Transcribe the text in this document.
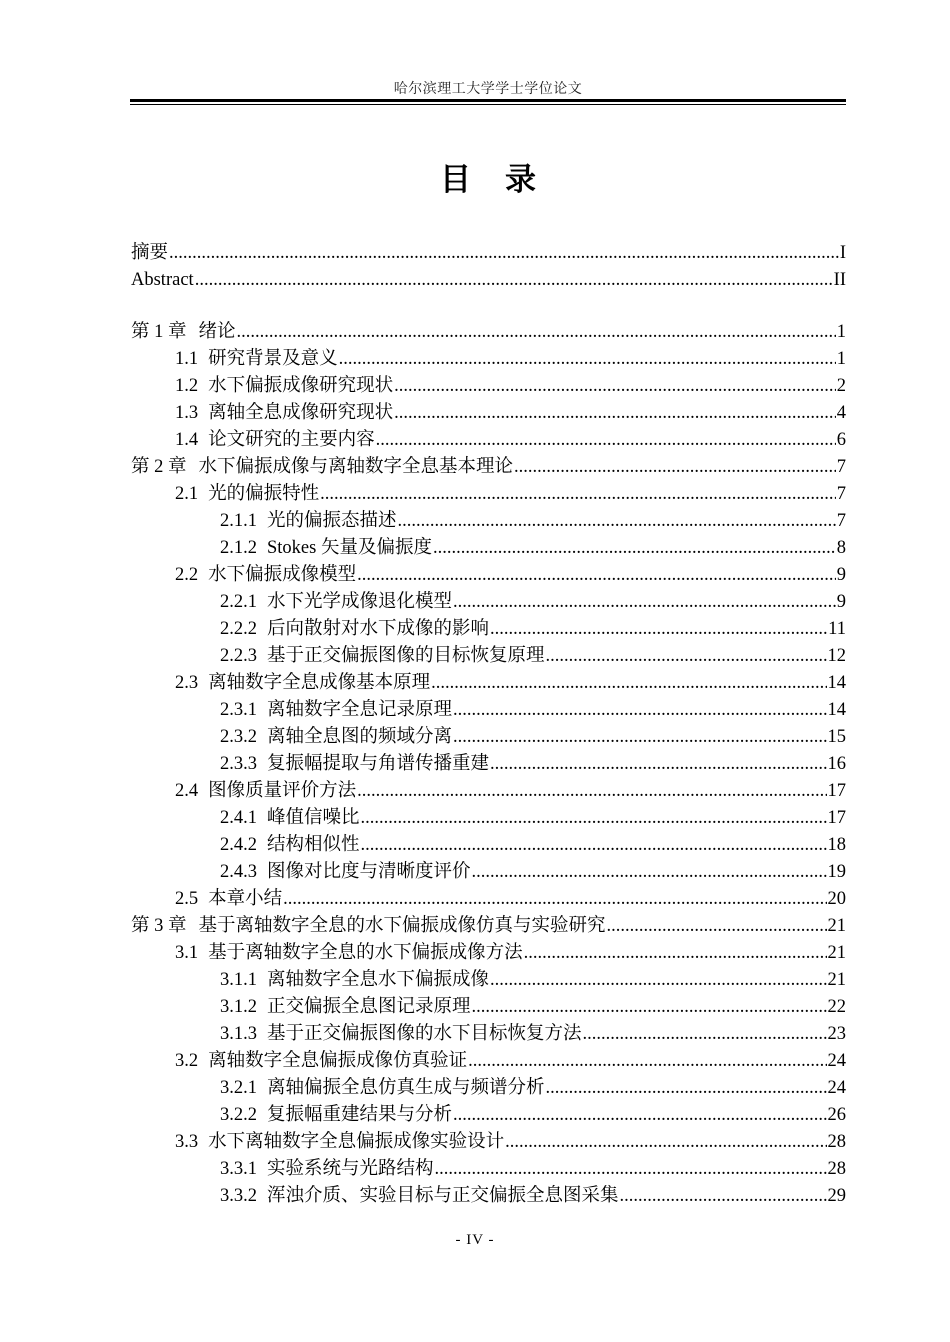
哈尔滨理工大学学士学位论文
目录
摘要 .....	I
Abstract .....	II
第 1 章 绪论 .....	1
1.1 研究背景及意义 .....	1
1.2 水下偏振成像研究现状 .....	2
1.3 离轴全息成像研究现状 .....	4
1.4 论文研究的主要内容 .....	6
第 2 章 水下偏振成像与离轴数字全息基本理论 .....	7
2.1 光的偏振特性 .....	7
2.1.1 光的偏振态描述 .....	7
2.1.2 Stokes 矢量及偏振度 .....	8
2.2 水下偏振成像模型 .....	9
2.2.1 水下光学成像退化模型 .....	9
2.2.2 后向散射对水下成像的影响 .....	11
2.2.3 基于正交偏振图像的目标恢复原理 .....	12
2.3 离轴数字全息成像基本原理 .....	14
2.3.1 离轴数字全息记录原理 .....	14
2.3.2 离轴全息图的频域分离 .....	15
2.3.3 复振幅提取与角谱传播重建 .....	16
2.4 图像质量评价方法 .....	17
2.4.1 峰值信噪比 .....	17
2.4.2 结构相似性 .....	18
2.4.3 图像对比度与清晰度评价 .....	19
2.5 本章小结 .....	20
第 3 章 基于离轴数字全息的水下偏振成像仿真与实验研究 .....	21
3.1 基于离轴数字全息的水下偏振成像方法 .....	21
3.1.1 离轴数字全息水下偏振成像 .....	21
3.1.2 正交偏振全息图记录原理 .....	22
3.1.3 基于正交偏振图像的水下目标恢复方法 .....	23
3.2 离轴数字全息偏振成像仿真验证 .....	24
3.2.1 离轴偏振全息仿真生成与频谱分析 .....	24
3.2.2 复振幅重建结果与分析 .....	26
3.3 水下离轴数字全息偏振成像实验设计 .....	28
3.3.1 实验系统与光路结构 .....	28
3.3.2 浑浊介质、实验目标与正交偏振全息图采集 .....	29
- IV -
